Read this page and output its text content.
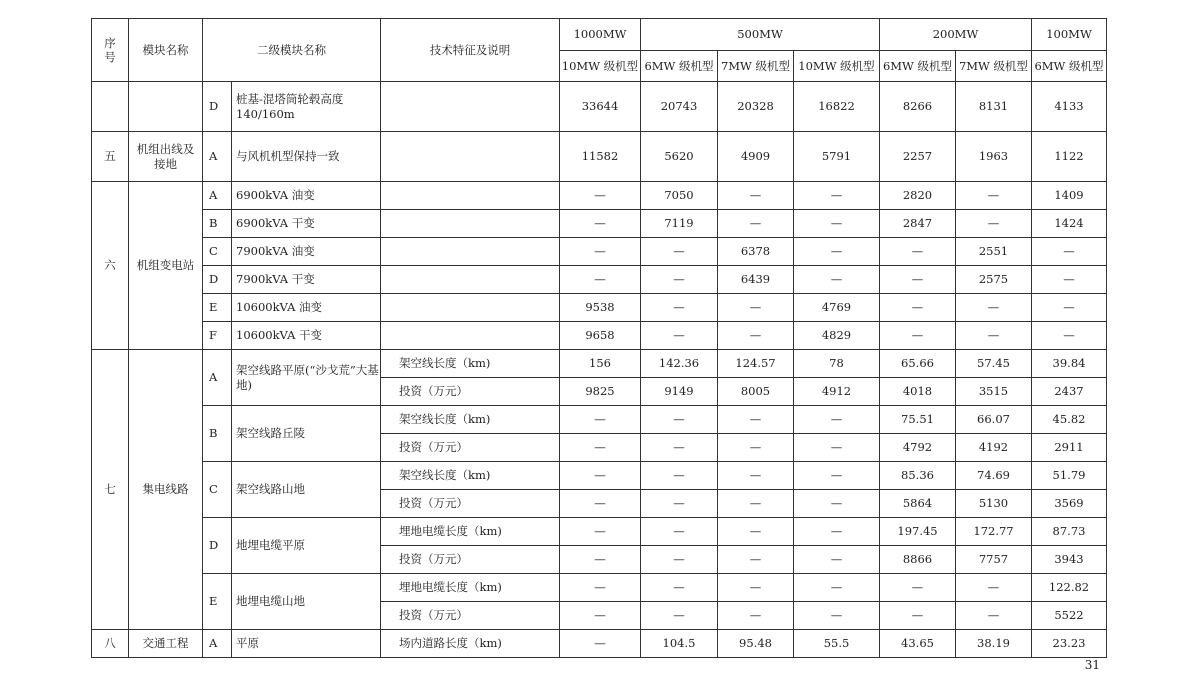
序号	模块名称	二级模块名称		技术特征及说明	1000MW	500MW			200MW		100MW
					10MW 级机型	6MW 级机型	7MW 级机型	10MW 级机型	6MW 级机型	7MW 级机型	6MW 级机型
		D	桩基-混塔筒轮毂高度 140/160m		33644	20743	20328	16822	8266	8131	4133
五	机组出线及接地	A	与风机机型保持一致		11582	5620	4909	5791	2257	1963	1122
六	机组变电站	A	6900kVA 油变		—	7050	—	—	2820	—	1409
		B	6900kVA 干变		—	7119	—	—	2847	—	1424
		C	7900kVA 油变		—	—	6378	—	—	2551	—
		D	7900kVA 干变		—	—	6439	—	—	2575	—
		E	10600kVA 油变		9538	—	—	4769	—	—	—
		F	10600kVA 干变		9658	—	—	4829	—	—	—
七	集电线路	A	架空线路平原(“沙戈荒”大基地)	架空线长度（km)	156	142.36	124.57	78	65.66	57.45	39.84
				投资（万元）	9825	9149	8005	4912	4018	3515	2437
		B	架空线路丘陵	架空线长度（km)	—	—	—	—	75.51	66.07	45.82
				投资（万元）	—	—	—	—	4792	4192	2911
		C	架空线路山地	架空线长度（km)	—	—	—	—	85.36	74.69	51.79
				投资（万元）	—	—	—	—	5864	5130	3569
		D	地埋电缆平原	埋地电缆长度（km)	—	—	—	—	197.45	172.77	87.73
				投资（万元）	—	—	—	—	8866	7757	3943
		E	地埋电缆山地	埋地电缆长度（km)	—	—	—	—	—	—	122.82
				投资（万元）	—	—	—	—	—	—	5522
八	交通工程	A	平原	场内道路长度（km)	—	104.5	95.48	55.5	43.65	38.19	23.23
31
